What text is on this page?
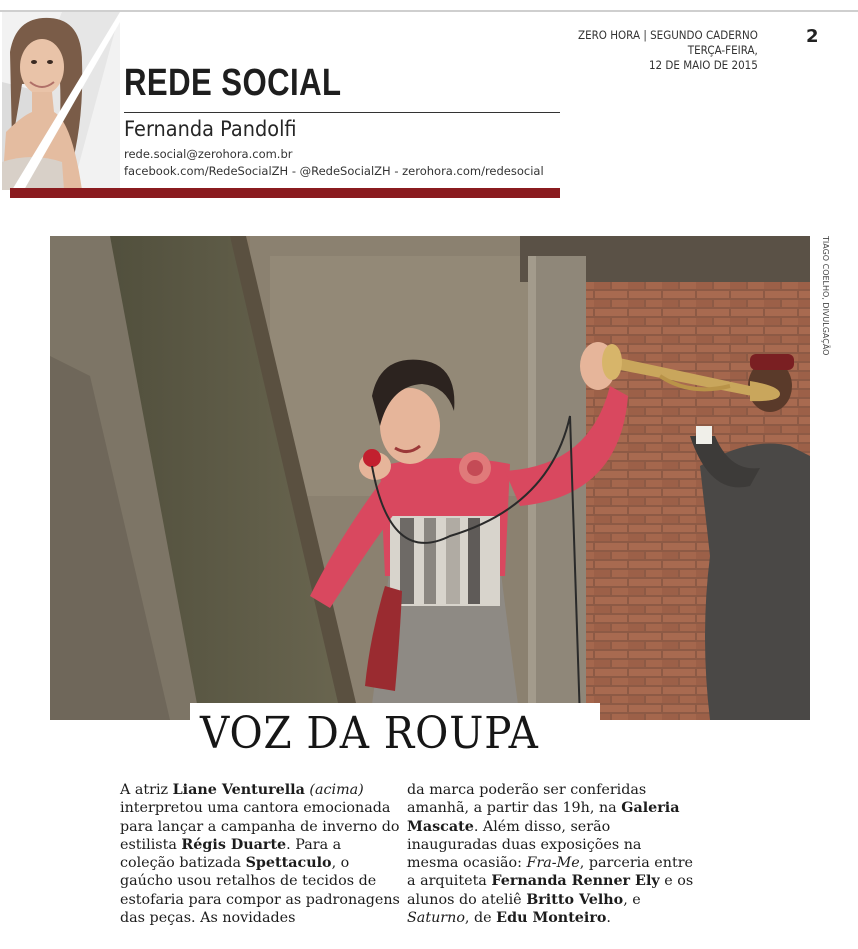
REDE SOCIAL
Fernanda Pandolfi
rede.social@zerohora.com.br
facebook.com/RedeSocialZH - @RedeSocialZH - zerohora.com/redesocial
ZERO HORA | SEGUNDO CADERNO
TERÇA-FEIRA,
12 DE MAIO DE 2015
2
TIAGO COELHO, DIVULGAÇÃO
VOZ DA ROUPA

A atriz Liane Venturella (acima) interpretou uma cantora emocionada para lançar a campanha de inverno do estilista Régis Duarte. Para a coleção batizada Spettaculo, o gaúcho usou retalhos de tecidos de estofaria para compor as padronagens das peças. As novidades

da marca poderão ser conferidas amanhã, a partir das 19h, na Galeria Mascate. Além disso, serão inauguradas duas exposições na mesma ocasião: Fra-Me, parceria entre a arquiteta Fernanda Renner Ely e os alunos do ateliê Britto Velho, e Saturno, de Edu Monteiro.
